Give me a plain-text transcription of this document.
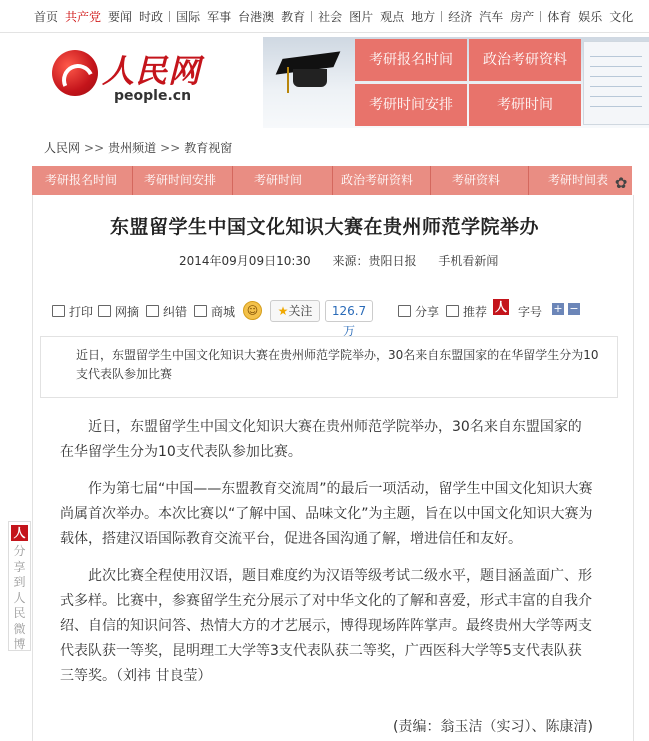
首页 共产党 要闻 时政 国际 军事 台港澳 教育 社会 图片 观点 地方 经济 汽车 房产 体育 娱乐 文化
人民网
people.cn
考研报名时间	政治考研资料
考研时间安排	考研时间
人民网 >> 贵州频道 >> 教育视窗
考研报名时间 考研时间安排	考研时间	政治考研资料	考研资料	考研时间表 ✿
东盟留学生中国文化知识大赛在贵州师范学院举办
2014年09月09日10:30 来源：贵阳日报 手机看新闻
打印	网摘	纠错	商城	☺	★关注	126.7万
分享	推荐 人 字号 + −
近日，东盟留学生中国文化知识大赛在贵州师范学院举办，30名来自东盟国家的在华留学生分为10支代表队参加比赛
近日，东盟留学生中国文化知识大赛在贵州师范学院举办，30名来自东盟国家的在华留学生分为10支代表队参加比赛。
作为第七届“中国——东盟教育交流周”的最后一项活动，留学生中国文化知识大赛尚属首次举办。本次比赛以“了解中国、品味文化”为主题，旨在以中国文化知识大赛为载体，搭建汉语国际教育交流平台，促进各国沟通了解，增进信任和友好。
此次比赛全程使用汉语，题目难度约为汉语等级考试二级水平，题目涵盖面广、形式多样。比赛中，参赛留学生充分展示了对中华文化的了解和喜爱，形式丰富的自我介绍、自信的知识问答、热情大方的才艺展示，博得现场阵阵掌声。最终贵州大学等两支代表队获一等奖，昆明理工大学等3支代表队获二等奖，广西医科大学等5支代表队获三等奖。（刘祎 甘良莹）
(责编：翁玉洁（实习）、陈康清)
人
分享到人民微博
